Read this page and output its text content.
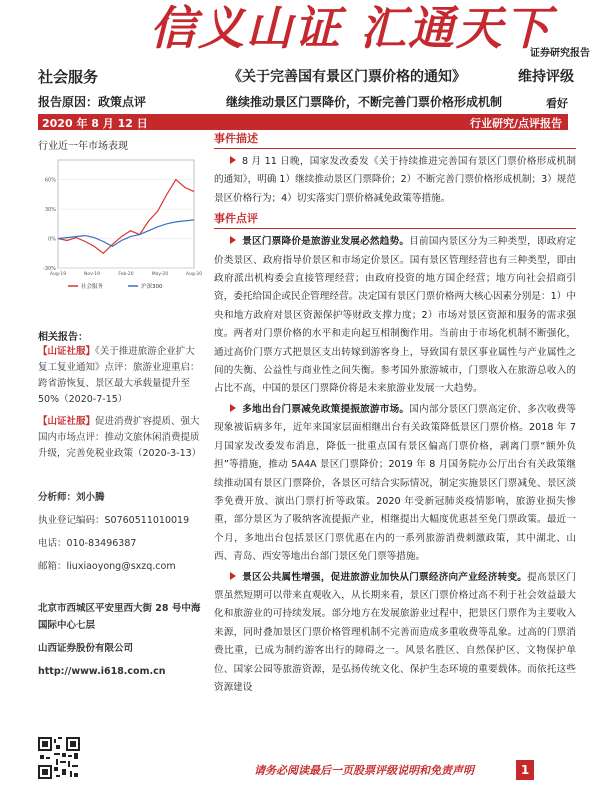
信义山证 汇通天下
证券研究报告
社会服务	《关于完善国有景区门票价格的通知》	维持评级
报告原因：政策点评	继续推动景区门票降价，不断完善门票价格形成机制	看好
2020 年 8 月 12 日	行业研究/点评报告
行业近一年市场表现
-30%
0%
30%
60%
Aug-19	Nov-19	Feb-20	May-20	Aug-20
社会服务	沪深300
相关报告：
【山证社服】《关于推进旅游企业扩大复工复业通知》点评：旅游业迎重启：跨省游恢复、景区最大承载量提升至 50%（2020-7-15）
【山证社服】促进消费扩容提质、强大国内市场点评：推动文旅休闲消费提质升级，完善免税业政策（2020-3-13）
分析师：刘小腾
执业登记编码：S0760511010019
电话：010-83496387
邮箱：liuxiaoyong@sxzq.com
北京市西城区平安里西大街 28 号中海国际中心七层
山西证券股份有限公司
http://www.i618.com.cn
事件描述

8 月 11 日晚，国家发改委发《关于持续推进完善国有景区门票价格形成机制的通知》，明确 1）继续推动景区门票降价；2）不断完善门票价格形成机制；3）规范景区价格行为；4）切实落实门票价格减免政策等措施。

事件点评

景区门票降价是旅游业发展必然趋势。目前国内景区分为三种类型，即政府定价类景区、政府指导价景区和市场定价景区。国有景区管理经营也有三种类型，即由政府派出机构委会直接管理经营；由政府投资的地方国企经营；地方向社会招商引资，委托给国企或民企管理经营。决定国有景区门票价格两大核心因素分别是：1）中央和地方政府对景区资源保护等财政支撑力度；2）市场对景区资源和服务的需求强度。两者对门票价格的水平和走向起互相制衡作用。当前由于市场化机制不断强化，通过高价门票方式把景区支出转嫁到游客身上，导致国有景区事业属性与产业属性之间的失衡、公益性与商业性之间失衡。参考国外旅游城市，门票收入在旅游总收入的占比不高，中国的景区门票降价将是未来旅游业发展一大趋势。

多地出台门票减免政策提振旅游市场。国内部分景区门票高定价、多次收费等现象被诟病多年，近年来国家层面相继出台有关政策降低景区门票价格。2018 年 7 月国家发改委发布消息，降低一批重点国有景区偏高门票价格，剥离门票“额外负担”等措施，推动 5A4A 景区门票降价；2019 年 8 月国务院办公厅出台有关政策继续推动国有景区门票降价，各景区可结合实际情况，制定实施景区门票减免、景区淡季免费开放、演出门票打折等政策。2020 年受新冠肺炎疫情影响，旅游业损失惨重，部分景区为了吸纳客流提振产业，相继提出大幅度优惠甚至免门票政策。最近一个月，多地出台包括景区门票优惠在内的一系列旅游消费刺激政策，其中湖北、山西、青岛、西安等地出台部门景区免门票等措施。

景区公共属性增强，促进旅游业加快从门票经济向产业经济转变。提高景区门票虽然短期可以带来直观收入，从长期来看，景区门票价格过高不利于社会效益最大化和旅游业的可持续发展。部分地方在发展旅游业过程中，把景区门票作为主要收入来源，同时叠加景区门票价格管理机制不完善而造成多重收费等乱象。过高的门票消费比重，已成为制约游客出行的障碍之一。风景名胜区、自然保护区、文物保护单位、国家公园等旅游资源，是弘扬传统文化、保护生态环境的重要载体。而依托这些资源建设

请务必阅读最后一页股票评级说明和免责声明	1
